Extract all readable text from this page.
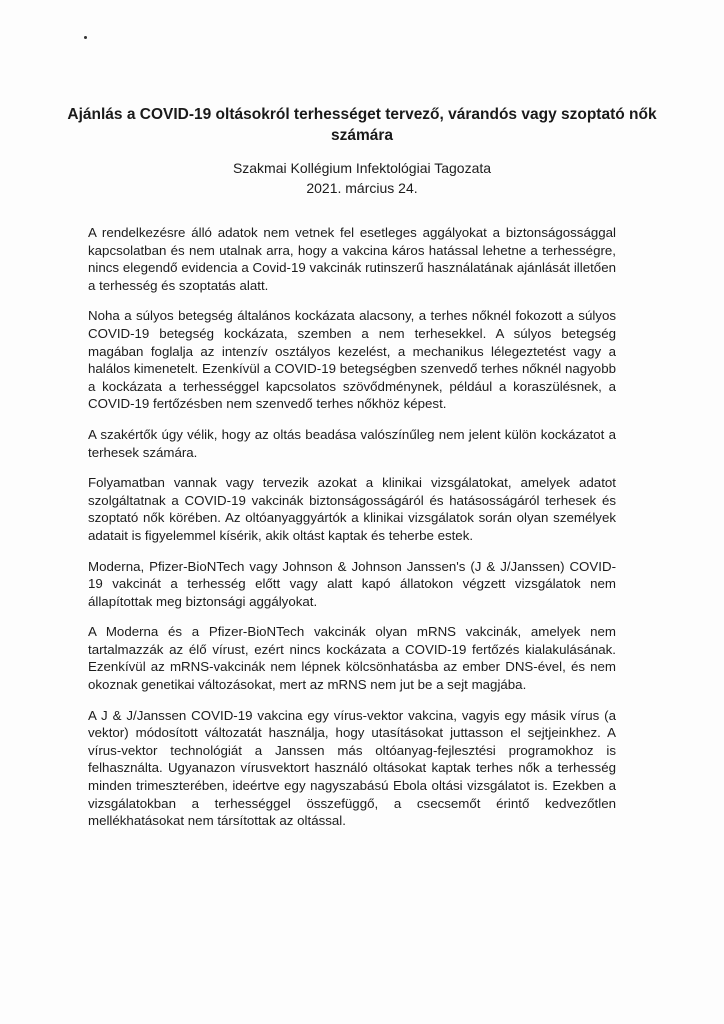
Ajánlás a COVID-19 oltásokról terhességet tervező, várandós vagy szoptató nők számára
Szakmai Kollégium Infektológiai Tagozata
2021. március 24.

A rendelkezésre álló adatok nem vetnek fel esetleges aggályokat a biztonságossággal kapcsolatban és nem utalnak arra, hogy a vakcina káros hatással lehetne a terhességre, nincs elegendő evidencia a Covid-19 vakcinák rutinszerű használatának ajánlását illetően a terhesség és szoptatás alatt.

Noha a súlyos betegség általános kockázata alacsony, a terhes nőknél fokozott a súlyos COVID-19 betegség kockázata, szemben a nem terhesekkel. A súlyos betegség magában foglalja az intenzív osztályos kezelést, a mechanikus lélegeztetést vagy a halálos kimenetelt. Ezenkívül a COVID-19 betegségben szenvedő terhes nőknél nagyobb a kockázata a terhességgel kapcsolatos szövődménynek, például a koraszülésnek, a COVID-19 fertőzésben nem szenvedő terhes nőkhöz képest.

A szakértők úgy vélik, hogy az oltás beadása valószínűleg nem jelent külön kockázatot a terhesek számára.

Folyamatban vannak vagy tervezik azokat a klinikai vizsgálatokat, amelyek adatot szolgáltatnak a COVID-19 vakcinák biztonságosságáról és hatásosságáról terhesek és szoptató nők körében. Az oltóanyaggyártók a klinikai vizsgálatok során olyan személyek adatait is figyelemmel kísérik, akik oltást kaptak és teherbe estek.

Moderna, Pfizer-BioNTech vagy Johnson & Johnson Janssen's (J & J/Janssen) COVID-19 vakcinát a terhesség előtt vagy alatt kapó állatokon végzett vizsgálatok nem állapítottak meg biztonsági aggályokat.

A Moderna és a Pfizer-BioNTech vakcinák olyan mRNS vakcinák, amelyek nem tartalmazzák az élő vírust, ezért nincs kockázata a COVID-19 fertőzés kialakulásának. Ezenkívül az mRNS-vakcinák nem lépnek kölcsönhatásba az ember DNS-ével, és nem okoznak genetikai változásokat, mert az mRNS nem jut be a sejt magjába.

A J & J/Janssen COVID-19 vakcina egy vírus-vektor vakcina, vagyis egy másik vírus (a vektor) módosított változatát használja, hogy utasításokat juttasson el sejtjeinkhez. A vírus-vektor technológiát a Janssen más oltóanyag-fejlesztési programokhoz is felhasználta. Ugyanazon vírusvektort használó oltásokat kaptak terhes nők a terhesség minden trimeszterében, ideértve egy nagyszabású Ebola oltási vizsgálatot is. Ezekben a vizsgálatokban a terhességgel összefüggő, a csecsemőt érintő kedvezőtlen mellékhatásokat nem társítottak az oltással.
